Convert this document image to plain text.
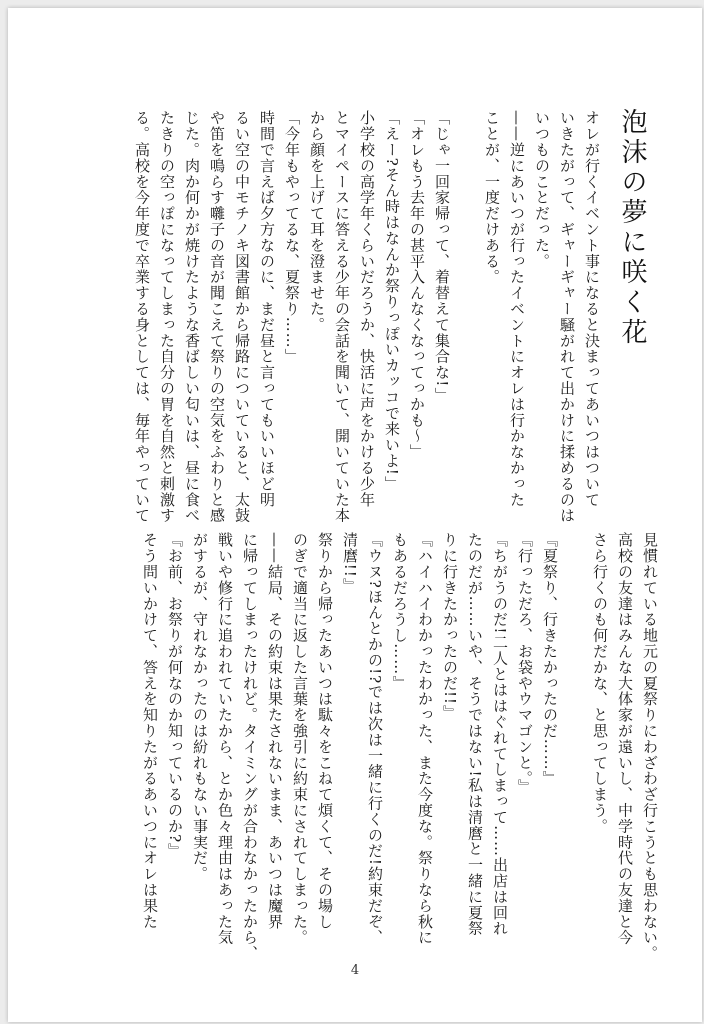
泡沫の夢に咲く花

オレが行くイベント事になると決まってあいつはついて

いきたがって、ギャーギャー騒がれて出かけに揉めるのは

いつものことだった。

——逆にあいつが行ったイベントにオレは行かなかった

ことが、一度だけある。

「じゃ一回家帰って、着替えて集合な!」

「オレもう去年の甚平入んなくなってっかも〜」

「えー?そん時はなんか祭りっぽいカッコで来いよ!」

小学校の高学年くらいだろうか、快活に声をかける少年

とマイペースに答える少年の会話を聞いて、開いていた本

から顔を上げて耳を澄ませた。

「今年もやってるな、夏祭り……」

時間で言えば夕方なのに、まだ昼と言ってもいいほど明

るい空の中モチノキ図書館から帰路についていると、太鼓

や笛を鳴らす囃子の音が聞こえて祭りの空気をふわりと感

じた。肉か何かが焼けたような香ばしい匂いは、昼に食べ

たきりの空っぽになってしまった自分の胃を自然と刺激す

る。高校を今年度で卒業する身としては、毎年やっていて

見慣れている地元の夏祭りにわざわざ行こうとも思わない。

高校の友達はみんな大体家が遠いし、中学時代の友達と今

さら行くのも何だかな、と思ってしまう。

『夏祭り、行きたかったのだ……』

『行っただろ、お袋やウマゴンと。』

『ちがうのだ!二人とははぐれてしまって……出店は回れ

たのだが……いや、そうではない!私は清麿と一緒に夏祭

りに行きたかったのだ!!』

『ハイハイわかったわかった、また今度な。祭りなら秋に

もあるだろうし……』

『ウヌ?ほんとかの!?では次は一緒に行くのだ!約束だぞ、

清麿!!』

祭りから帰ったあいつは駄々をこねて煩くて、その場し

のぎで適当に返した言葉を強引に約束にされてしまった。

——結局、その約束は果たされないまま、あいつは魔界

に帰ってしまったけれど。タイミングが合わなかったから、

戦いや修行に追われていたから、とか色々理由はあった気

がするが、守れなかったのは紛れもない事実だ。

『お前、お祭りが何なのか知っているのか?』

そう問いかけて、答えを知りたがるあいつにオレは果た

4
